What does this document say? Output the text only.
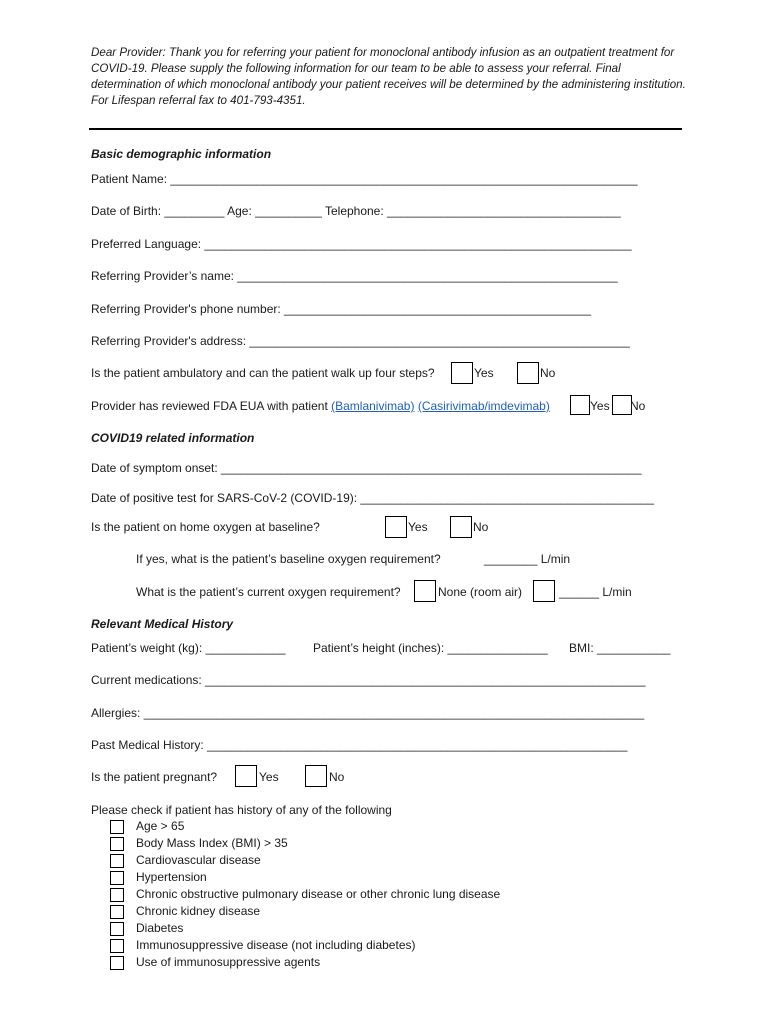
Dear Provider: Thank you for referring your patient for monoclonal antibody infusion as an outpatient treatment for COVID-19. Please supply the following information for our team to be able to assess your referral. Final determination of which monoclonal antibody your patient receives will be determined by the administering institution. For Lifespan referral fax to 401-793-4351.
Basic demographic information
Patient Name: ______________________________________________________________________
Date of Birth: _________ Age: __________ Telephone: ___________________________________
Preferred Language: ________________________________________________________________
Referring Provider’s name: _________________________________________________________
Referring Provider's phone number: ______________________________________________
Referring Provider's address: _________________________________________________________
Is the patient ambulatory and can the patient walk up four steps?	Yes	No
Provider has reviewed FDA EUA with patient (Bamlanivimab) (Casirivimab/imdevimab)	Yes No
COVID19 related information
Date of symptom onset: _______________________________________________________________
Date of positive test for SARS-CoV-2 (COVID-19): ____________________________________________
Is the patient on home oxygen at baseline?	Yes	No
If yes, what is the patient’s baseline oxygen requirement?	________ L/min
What is the patient’s current oxygen requirement?	None (room air)	______ L/min
Relevant Medical History
Patient’s weight (kg): ____________ Patient’s height (inches): _______________ BMI: ___________
Current medications: __________________________________________________________________
Allergies: ___________________________________________________________________________
Past Medical History: _______________________________________________________________
Is the patient pregnant?	Yes	No
Please check if patient has history of any of the following
Age > 65
Body Mass Index (BMI) > 35
Cardiovascular disease
Hypertension
Chronic obstructive pulmonary disease or other chronic lung disease
Chronic kidney disease
Diabetes
Immunosuppressive disease (not including diabetes)
Use of immunosuppressive agents
